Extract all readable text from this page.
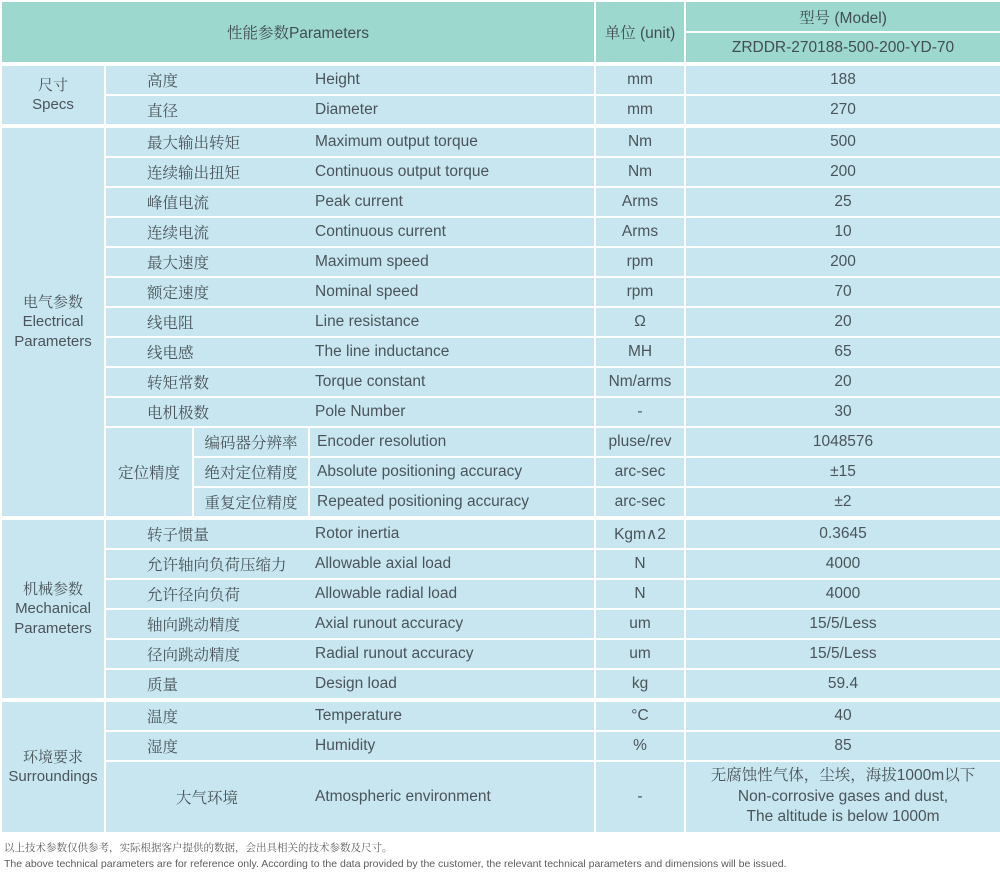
性能参数Parameters				单位 (unit)	型号 (Model)
					ZRDDR-270188-500-200-YD-70

尺寸
Specs	高度 Height			mm	188

	直径 Diameter			mm	270

电气参数
Electrical
Parameters	最大输出转矩 Maximum output torque			Nm	500

	连续输出扭矩 Continuous output torque			Nm	200

	峰值电流 Peak current			Arms	25

	连续电流 Continuous current			Arms	10

	最大速度 Maximum speed			rpm	200

	额定速度 Nominal speed			rpm	70

	线电阻 Line resistance			Ω	20

	线电感 The line inductance			MH	65

	转矩常数 Torque constant			Nm/arms	20

	电机极数 Pole Number			-	30

	定位精度	编码器分辨率	Encoder resolution	pluse/rev	1048576

		绝对定位精度	Absolute positioning accuracy	arc-sec	±15

		重复定位精度	Repeated positioning accuracy	arc-sec	±2

机械参数
Mechanical
Parameters	转子惯量 Rotor inertia			Kgm∧2	0.3645

	允许轴向负荷压缩力 Allowable axial load			N	4000

	允许径向负荷 Allowable radial load			N	4000

	轴向跳动精度 Axial runout accuracy			um	15/5/Less

	径向跳动精度 Radial runout accuracy			um	15/5/Less

	质量 Design load			kg	59.4

环境要求
Surroundings	温度 Temperature			°C	40

	湿度 Humidity			%	85

	大气环境 Atmospheric environment			-	无腐蚀性气体，尘埃，海拔1000m以下
Non-corrosive gases and dust,
The altitude is below 1000m
以上技术参数仅供参考，实际根据客户提供的数据，会出具相关的技术参数及尺寸。
The above technical parameters are for reference only. According to the data provided by the customer, the relevant technical parameters and dimensions will be issued.
